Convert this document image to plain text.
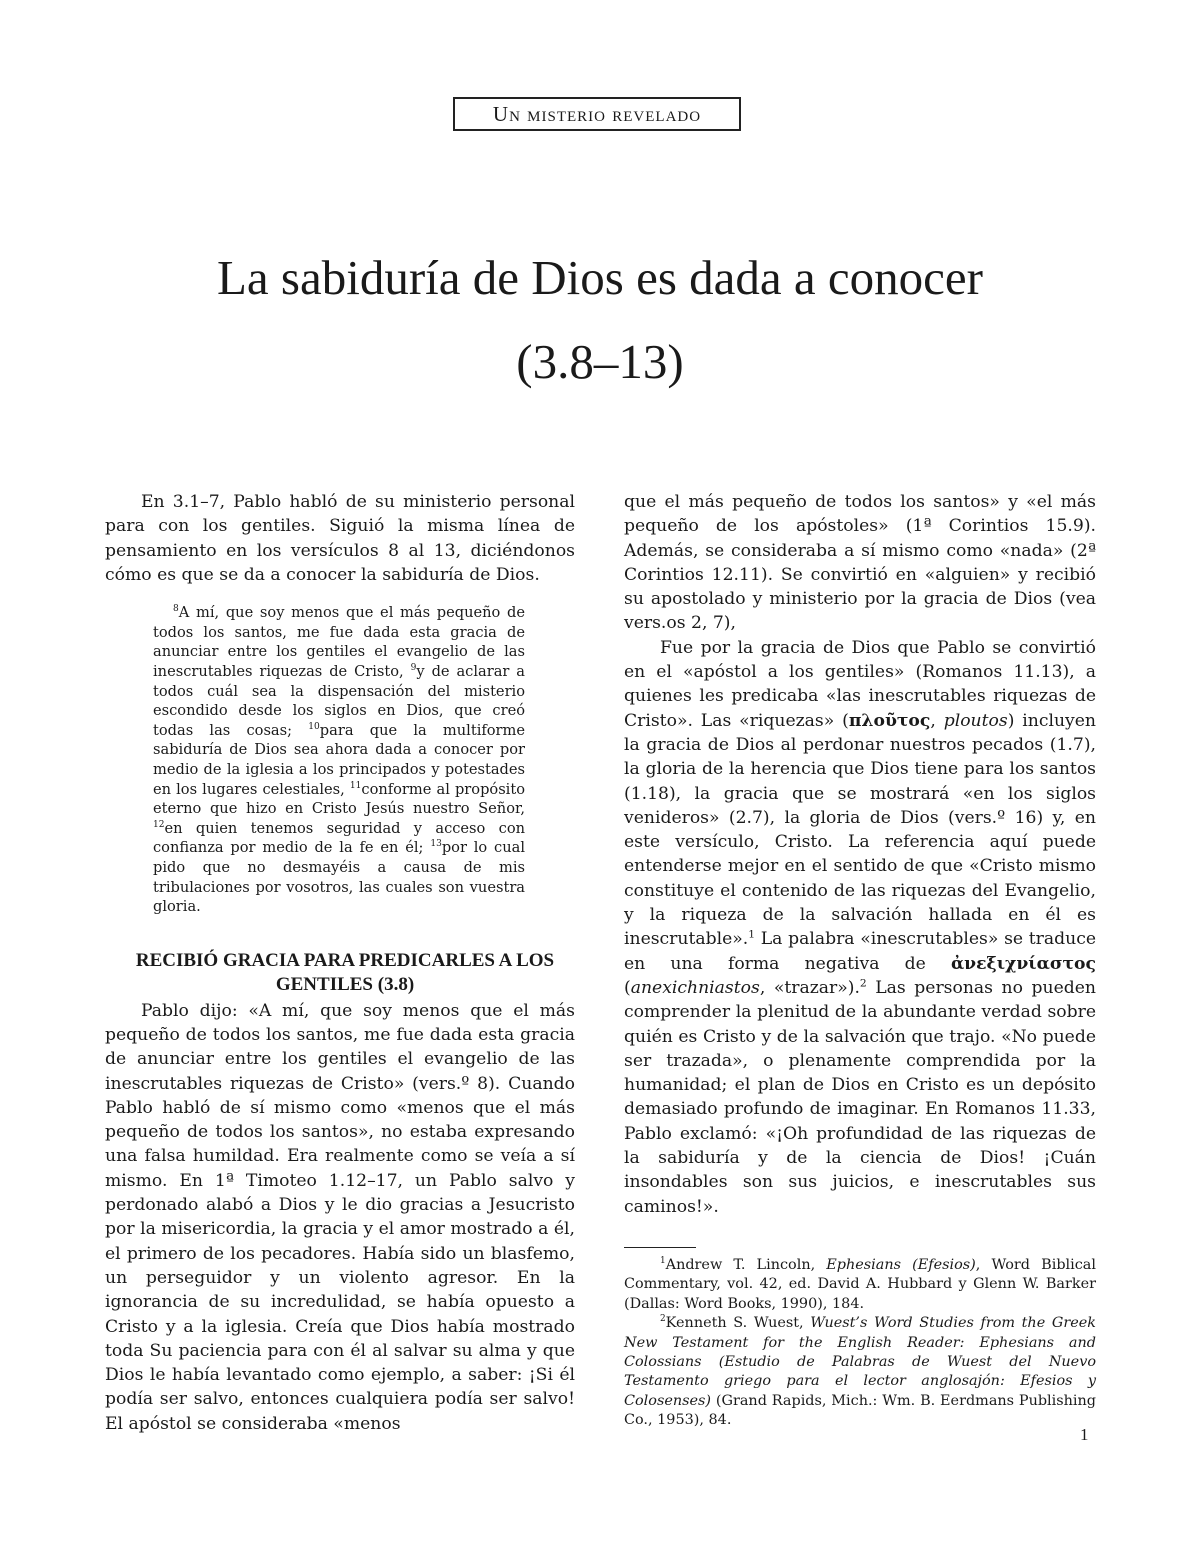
Un misterio revelado
La sabiduría de Dios es dada a conocer
(3.8–13)

En 3.1–7, Pablo habló de su ministerio personal para con los gentiles. Siguió la misma línea de pensamiento en los versículos 8 al 13, diciéndonos cómo es que se da a conocer la sabiduría de Dios.

$^8$A mí, que soy menos que el más pequeño de todos los santos, me fue dada esta gracia de anunciar entre los gentiles el evangelio de las inescrutables riquezas de Cristo, $^9$y de aclarar a todos cuál sea la dispensación del misterio escondido desde los siglos en Dios, que creó todas las cosas; $^{10}$para que la multiforme sabiduría de Dios sea ahora dada a conocer por medio de la iglesia a los principados y potestades en los lugares celestiales, $^{11}$conforme al propósito eterno que hizo en Cristo Jesús nuestro Señor, $^{12}$en quien tenemos seguridad y acceso con confianza por medio de la fe en él; $^{13}$por lo cual pido que no desmayéis a causa de mis tribulaciones por vosotros, las cuales son vuestra gloria.

RECIBIÓ GRACIA PARA PREDICARLES A LOS GENTILES (3.8)

Pablo dijo: «A mí, que soy menos que el más pequeño de todos los santos, me fue dada esta gracia de anunciar entre los gentiles el evangelio de las inescrutables riquezas de Cristo» (vers.º 8). Cuando Pablo habló de sí mismo como «menos que el más pequeño de todos los santos», no estaba expresando una falsa humildad. Era realmente como se veía a sí mismo. En 1ª Timoteo 1.12–17, un Pablo salvo y perdonado alabó a Dios y le dio gracias a Jesucristo por la misericordia, la gracia y el amor mostrado a él, el primero de los pecadores. Había sido un blasfemo, un perseguidor y un violento agresor. En la ignorancia de su incredulidad, se había opuesto a Cristo y a la iglesia. Creía que Dios había mostrado toda Su paciencia para con él al salvar su alma y que Dios le había levantado como ejemplo, a saber: ¡Si él podía ser salvo, entonces cualquiera podía ser salvo! El apóstol se consideraba «menos

que el más pequeño de todos los santos» y «el más pequeño de los apóstoles» (1ª Corintios 15.9). Además, se consideraba a sí mismo como «nada» (2ª Corintios 12.11). Se convirtió en «alguien» y recibió su apostolado y ministerio por la gracia de Dios (vea vers.os 2, 7),

Fue por la gracia de Dios que Pablo se convirtió en el «apóstol a los gentiles» (Romanos 11.13), a quienes les predicaba «las inescrutables riquezas de Cristo». Las «riquezas» (πλοῦτος, ploutos) incluyen la gracia de Dios al perdonar nuestros pecados (1.7), la gloria de la herencia que Dios tiene para los santos (1.18), la gracia que se mostrará «en los siglos venideros» (2.7), la gloria de Dios (vers.º 16) y, en este versículo, Cristo. La referencia aquí puede entenderse mejor en el sentido de que «Cristo mismo constituye el contenido de las riquezas del Evangelio, y la riqueza de la salvación hallada en él es inescrutable».$^1$ La palabra «inescrutables» se traduce en una forma negativa de ἀνεξιχνίαστος (anexichniastos, «trazar»).$^2$ Las personas no pueden comprender la plenitud de la abundante verdad sobre quién es Cristo y de la salvación que trajo. «No puede ser trazada», o plenamente comprendida por la humanidad; el plan de Dios en Cristo es un depósito demasiado profundo de imaginar. En Romanos 11.33, Pablo exclamó: «¡Oh profundidad de las riquezas de la sabiduría y de la ciencia de Dios! ¡Cuán insondables son sus juicios, e inescrutables sus caminos!».

$^1$Andrew T. Lincoln, Ephesians (Efesios), Word Biblical Commentary, vol. 42, ed. David A. Hubbard y Glenn W. Barker (Dallas: Word Books, 1990), 184.

$^2$Kenneth S. Wuest, Wuest’s Word Studies from the Greek New Testament for the English Reader: Ephesians and Colossians (Estudio de Palabras de Wuest del Nuevo Testamento griego para el lector anglosajón: Efesios y Colosenses) (Grand Rapids, Mich.: Wm. B. Eerdmans Publishing Co., 1953), 84.

1
